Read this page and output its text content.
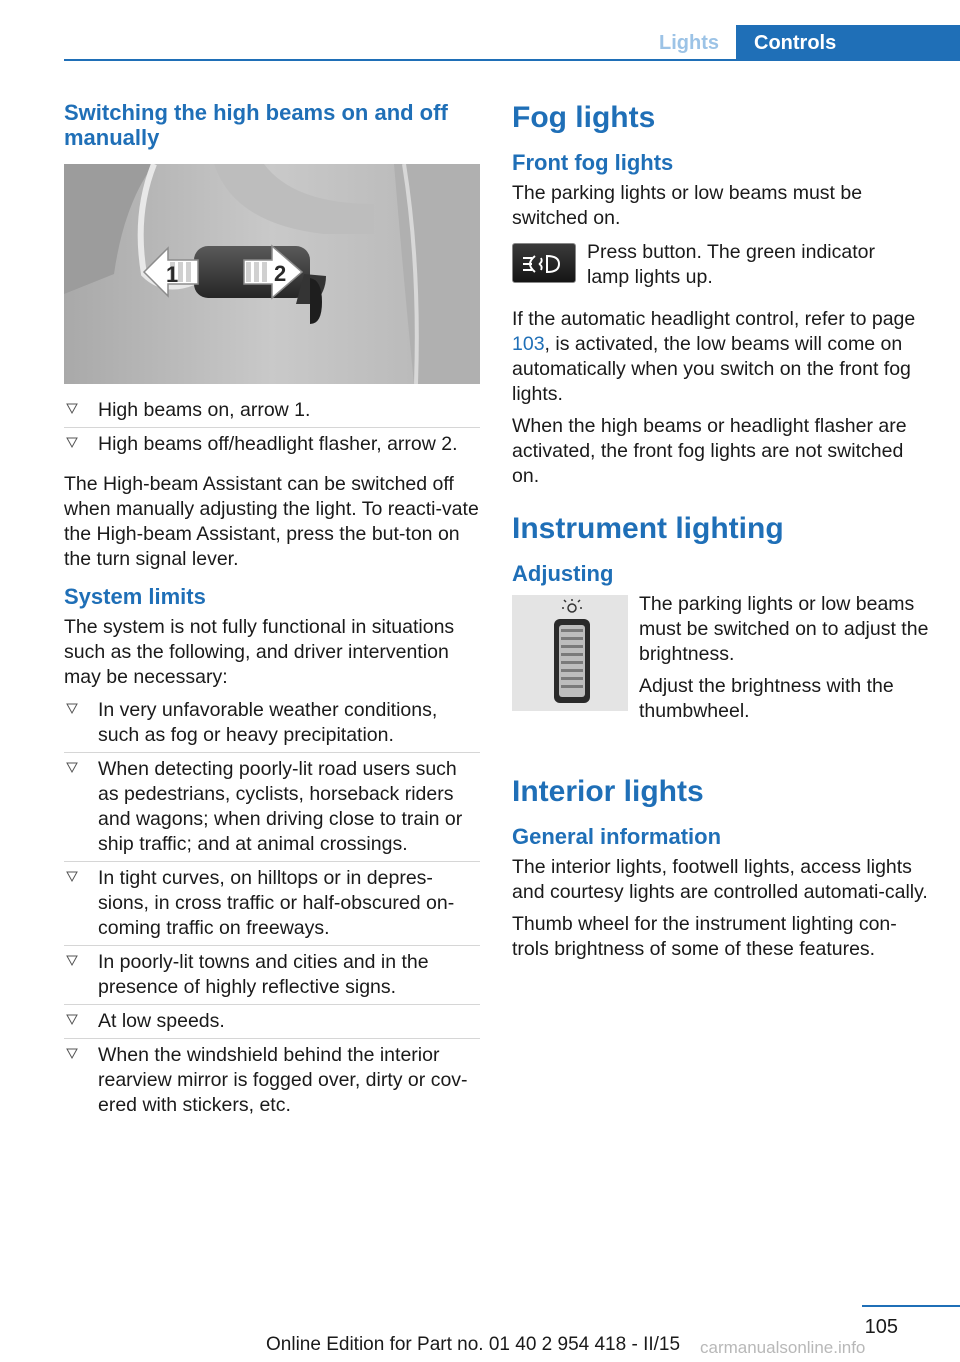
Lights	Controls
Switching the high beams on and off manually
1	2
High beams on, arrow 1.
High beams off/headlight flasher, arrow 2.

The High-beam Assistant can be switched off when manually adjusting the light. To reacti‐vate the High-beam Assistant, press the but‐ton on the turn signal lever.

System limits

The system is not fully functional in situations such as the following, and driver intervention may be necessary:

In very unfavorable weather conditions, such as fog or heavy precipitation.
When detecting poorly-lit road users such as pedestrians, cyclists, horseback riders and wagons; when driving close to train or ship traffic; and at animal crossings.
In tight curves, on hilltops or in depres‐sions, in cross traffic or half-obscured on‐coming traffic on freeways.
In poorly-lit towns and cities and in the presence of highly reflective signs.
At low speeds.
When the windshield behind the interior rearview mirror is fogged over, dirty or cov‐ered with stickers, etc.
Fog lights
Front fog lights

The parking lights or low beams must be switched on.

Press button. The green indicator lamp lights up.

If the automatic headlight control, refer to page 103, is activated, the low beams will come on automatically when you switch on the front fog lights.

When the high beams or headlight flasher are activated, the front fog lights are not switched on.

Instrument lighting
Adjusting

The parking lights or low beams must be switched on to adjust the brightness.

Adjust the brightness with the thumbwheel.

Interior lights
General information

The interior lights, footwell lights, access lights and courtesy lights are controlled automati‐cally.

Thumb wheel for the instrument lighting con‐trols brightness of some of these features.

105
Online Edition for Part no. 01 40 2 954 418 - II/15 carmanualsonline.info
